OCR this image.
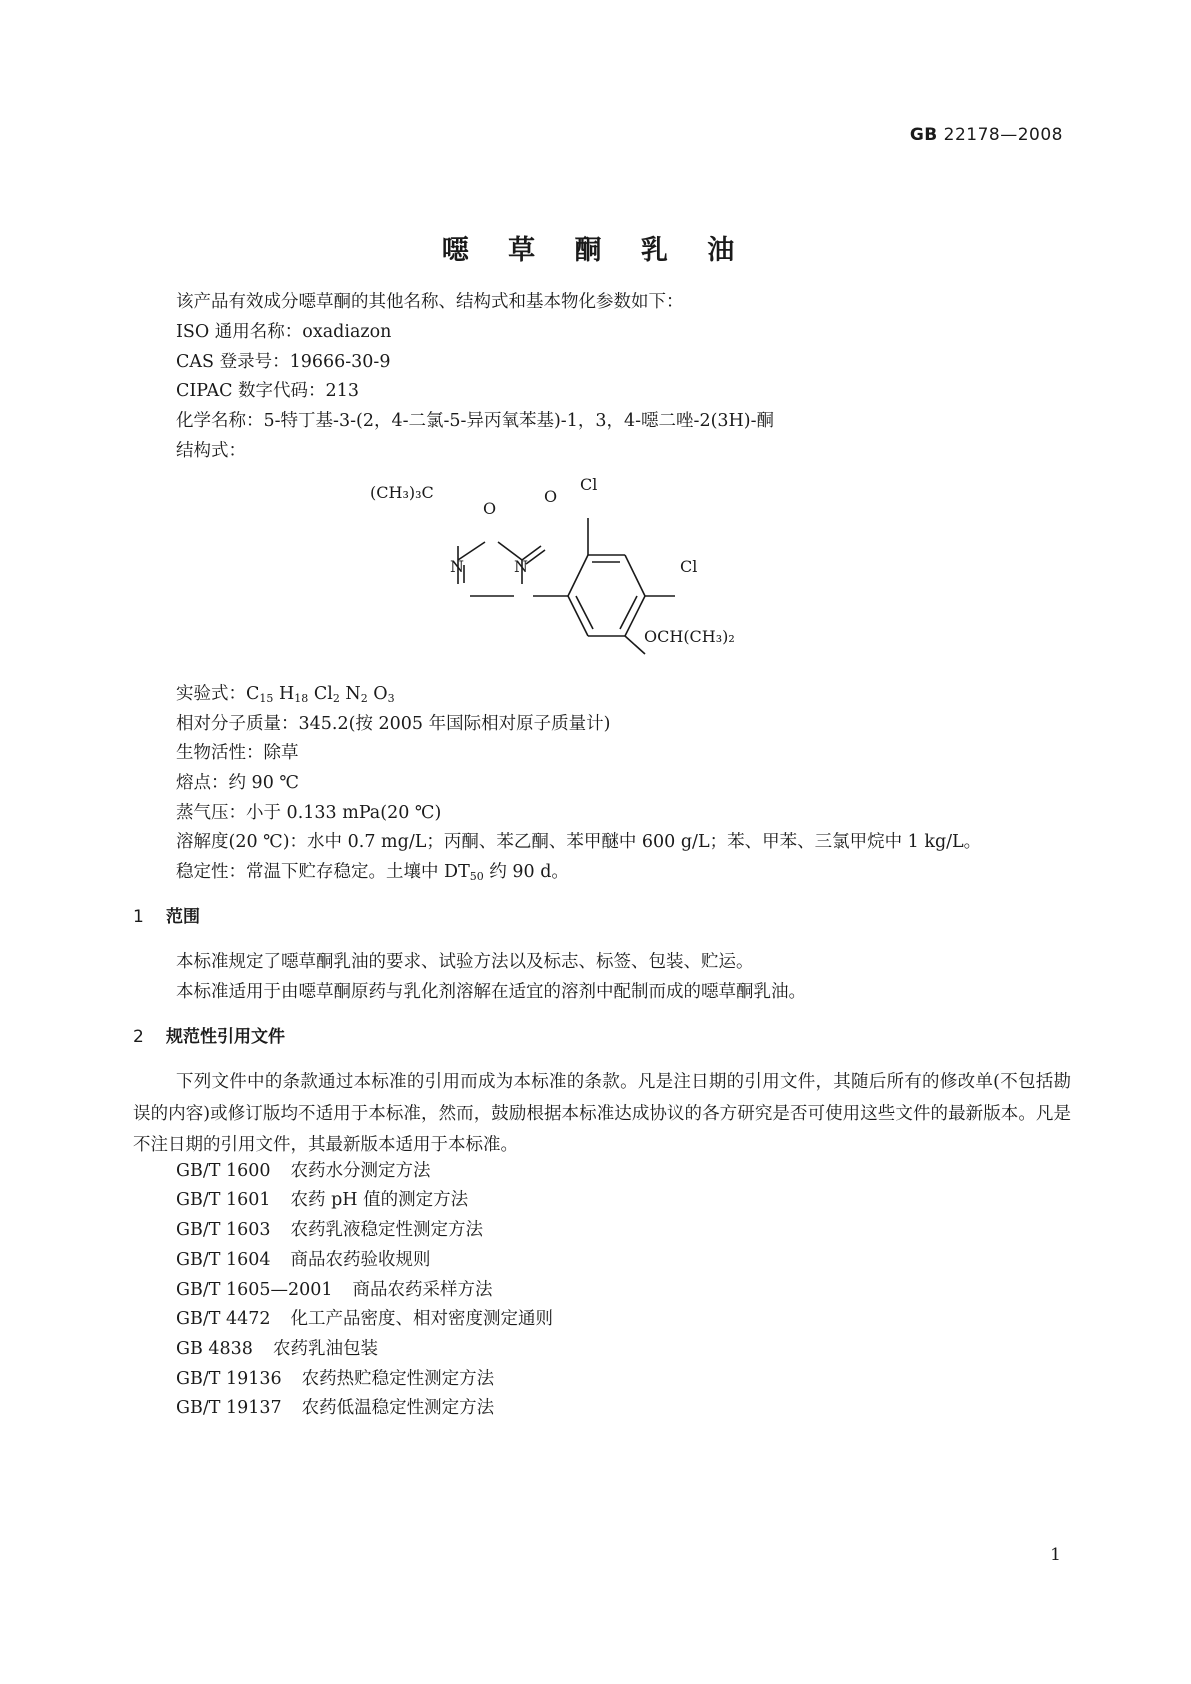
GB 22178—2008
噁 草 酮 乳 油
该产品有效成分噁草酮的其他名称、结构式和基本物化参数如下：
ISO 通用名称：oxadiazon
CAS 登录号：19666-30-9
CIPAC 数字代码：213
化学名称：5-特丁基-3-(2，4-二氯-5-异丙氧苯基)-1，3，4-噁二唑-2(3H)-酮
结构式：
(CH₃)₃C
O
O
N	N
Cl
Cl
OCH(CH₃)₂
实验式：$C_{15}$ $H_{18}$ $Cl_2$ $N_2$ $O_3$
相对分子质量：345.2(按 2005 年国际相对原子质量计)
生物活性：除草
熔点：约 90 ℃
蒸气压：小于 0.133 mPa(20 ℃)
溶解度(20 ℃)：水中 0.7 mg/L；丙酮、苯乙酮、苯甲醚中 600 g/L；苯、甲苯、三氯甲烷中 1 kg/L。
稳定性：常温下贮存稳定。土壤中 $DT_{50}$ 约 90 d。
1 范围
本标准规定了噁草酮乳油的要求、试验方法以及标志、标签、包装、贮运。
本标准适用于由噁草酮原药与乳化剂溶解在适宜的溶剂中配制而成的噁草酮乳油。
2 规范性引用文件
下列文件中的条款通过本标准的引用而成为本标准的条款。凡是注日期的引用文件，其随后所有的修改单(不包括勘误的内容)或修订版均不适用于本标准，然而，鼓励根据本标准达成协议的各方研究是否可使用这些文件的最新版本。凡是不注日期的引用文件，其最新版本适用于本标准。
GB/T 1600 农药水分测定方法
GB/T 1601 农药 pH 值的测定方法
GB/T 1603 农药乳液稳定性测定方法
GB/T 1604 商品农药验收规则
GB/T 1605—2001 商品农药采样方法
GB/T 4472 化工产品密度、相对密度测定通则
GB 4838 农药乳油包装
GB/T 19136 农药热贮稳定性测定方法
GB/T 19137 农药低温稳定性测定方法
1
